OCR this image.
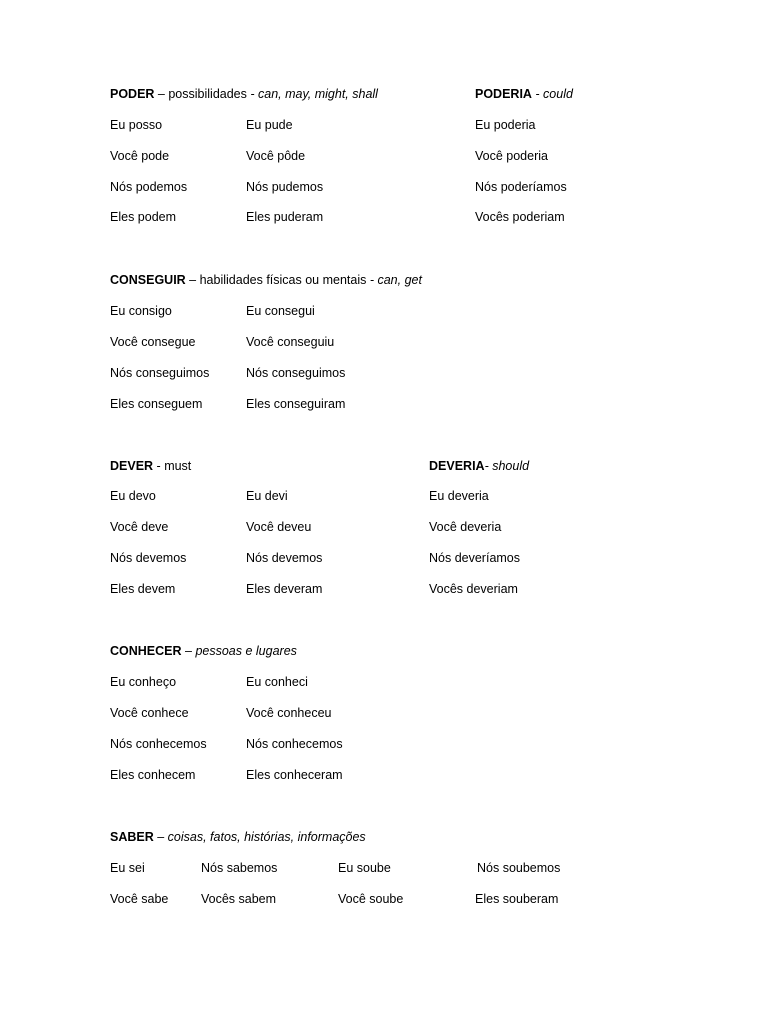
PODER – possibilidades - can, may, might, shall	PODERIA - could
Eu posso	Eu pude	Eu poderia
Você pode	Você pôde	Você poderia
Nós podemos	Nós pudemos	Nós poderíamos
Eles podem	Eles puderam	Vocês poderiam
CONSEGUIR – habilidades físicas ou mentais - can, get
Eu consigo	Eu consegui
Você consegue	Você conseguiu
Nós conseguimos	Nós conseguimos
Eles conseguem	Eles conseguiram
DEVER - must	DEVERIA- should
Eu devo	Eu devi	Eu deveria
Você deve	Você deveu	Você deveria
Nós devemos	Nós devemos	Nós deveríamos
Eles devem	Eles deveram	Vocês deveriam
CONHECER – pessoas e lugares
Eu conheço	Eu conheci
Você conhece	Você conheceu
Nós conhecemos	Nós conhecemos
Eles conhecem	Eles conheceram
SABER – coisas, fatos, histórias, informações
Eu sei	Nós sabemos	Eu soube	Nós soubemos
Você sabe	Vocês sabem	Você soube	Eles souberam
